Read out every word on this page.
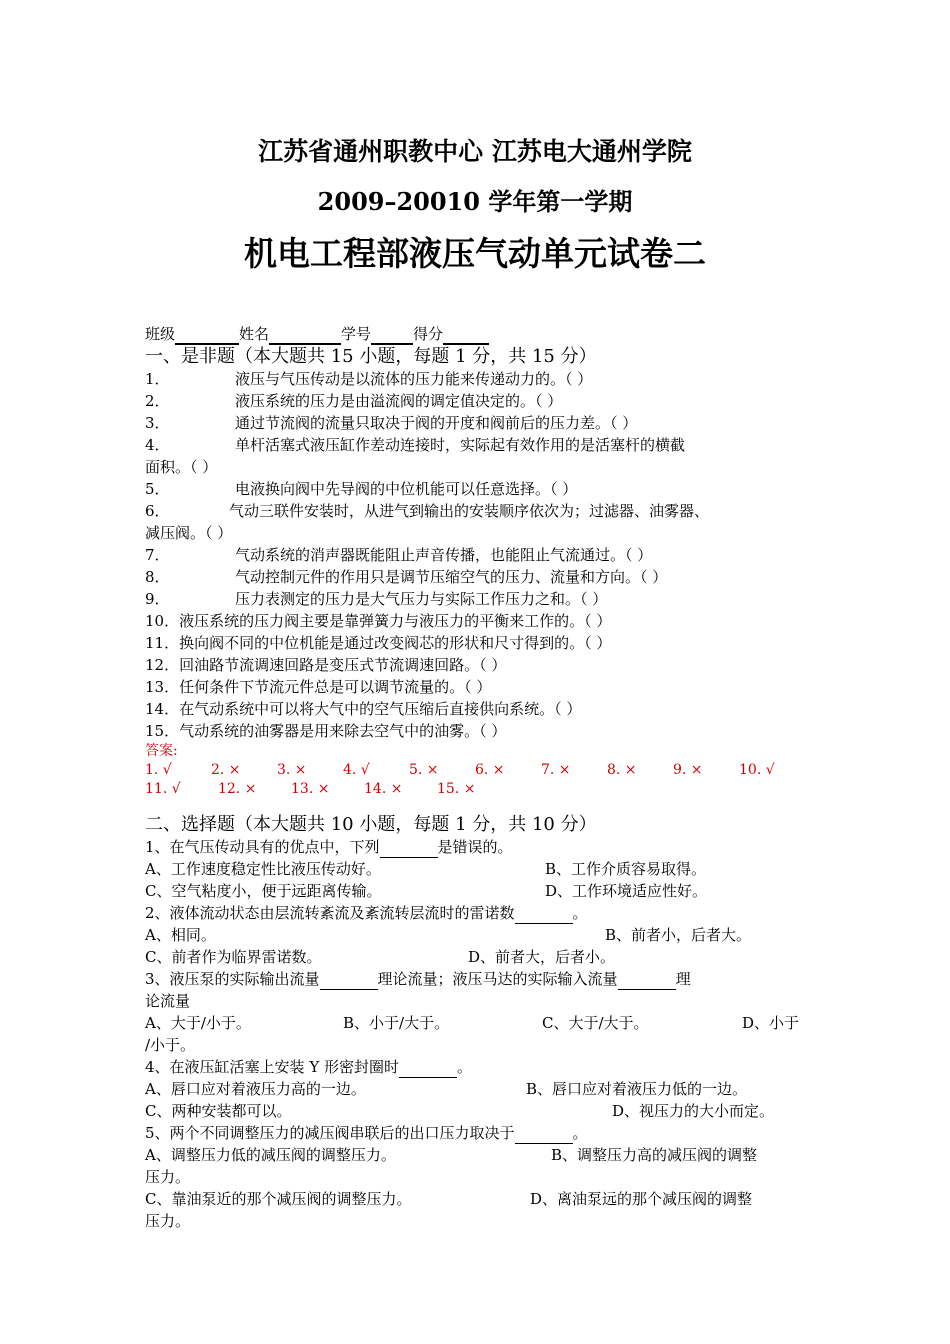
江苏省通州职教中心 江苏电大通州学院
2009–20010 学年第一学期
机电工程部液压气动单元试卷二
班级	姓名	学号	得分
一、是非题（本大题共 15 小题，每题 1 分，共 15 分）
1．	液压与气压传动是以流体的压力能来传递动力的。（ ）
2．	液压系统的压力是由溢流阀的调定值决定的。（ ）
3．	通过节流阀的流量只取决于阀的开度和阀前后的压力差。（ ）
4．	单杆活塞式液压缸作差动连接时，实际起有效作用的是活塞杆的横截
面积。（ ）
5．	电液换向阀中先导阀的中位机能可以任意选择。（ ）
6．	气动三联件安装时，从进气到输出的安装顺序依次为；过滤器、油雾器、
减压阀。（ ）
7．	气动系统的消声器既能阻止声音传播，也能阻止气流通过。（ ）
8．	气动控制元件的作用只是调节压缩空气的压力、流量和方向。（ ）
9．	压力表测定的压力是大气压力与实际工作压力之和。（ ）
10．液压系统的压力阀主要是靠弹簧力与液压力的平衡来工作的。（ ）
11．换向阀不同的中位机能是通过改变阀芯的形状和尺寸得到的。（ ）
12．回油路节流调速回路是变压式节流调速回路。（ ）
13．任何条件下节流元件总是可以调节流量的。（ ）
14．在气动系统中可以将大气中的空气压缩后直接供向系统。（ ）
15．气动系统的油雾器是用来除去空气中的油雾。（ ）
答案:
1. √	2. ×	3. ×	4. √	5. ×	6. ×	7. ×	8. ×	9. ×	10. √
11. √	12. × 13. × 14. × 15. ×
二、选择题（本大题共 10 小题，每题 1 分，共 10 分）
1、在气压传动具有的优点中，下列	是错误的。
A、工作速度稳定性比液压传动好。	B、工作介质容易取得。
C、空气粘度小，便于远距离传输。	D、工作环境适应性好。
2、液体流动状态由层流转紊流及紊流转层流时的雷诺数	。
A、相同。	B、前者小，后者大。
C、前者作为临界雷诺数。	D、前者大，后者小。
3、液压泵的实际输出流量	理论流量；液压马达的实际输入流量	理
论流量
A、大于/小于。	B、小于/大于。	C、大于/大于。	D、小于
/小于。
4、在液压缸活塞上安装 Y 形密封圈时	。
A、唇口应对着液压力高的一边。	B、唇口应对着液压力低的一边。
C、两种安装都可以。	D、视压力的大小而定。
5、两个不同调整压力的减压阀串联后的出口压力取决于	。
A、调整压力低的减压阀的调整压力。	B、调整压力高的减压阀的调整
压力。
C、靠油泵近的那个减压阀的调整压力。	D、离油泵远的那个减压阀的调整
压力。
